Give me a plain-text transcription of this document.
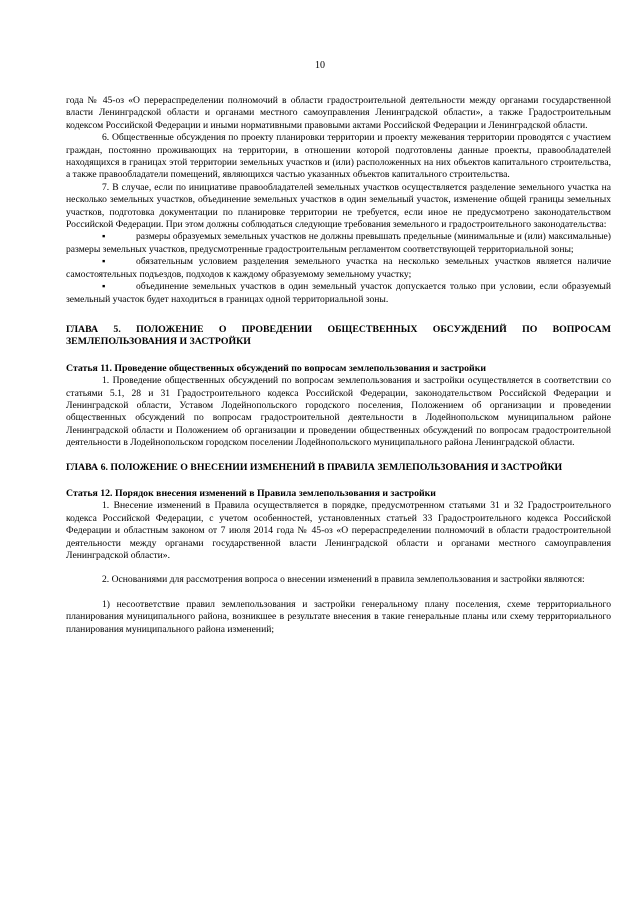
10

года № 45-оз «О перераспределении полномочий в области градостроительной деятельности между органами государственной власти Ленинградской области и органами местного самоуправления Ленинградской области», а также Градостроительным кодексом Российской Федерации и иными нормативными правовыми актами Российской Федерации и Ленинградской области.

6. Общественные обсуждения по проекту планировки территории и проекту межевания территории проводятся с участием граждан, постоянно проживающих на территории, в отношении которой подготовлены данные проекты, правообладателей находящихся в границах этой территории земельных участков и (или) расположенных на них объектов капитального строительства, а также правообладатели помещений, являющихся частью указанных объектов капитального строительства.

7. В случае, если по инициативе правообладателей земельных участков осуществляется разделение земельного участка на несколько земельных участков, объединение земельных участков в один земельный участок, изменение общей границы земельных участков, подготовка документации по планировке территории не требуется, если иное не предусмотрено законодательством Российской Федерации. При этом должны соблюдаться следующие требования земельного и градостроительного законодательства:

▪	размеры образуемых земельных участков не должны превышать предельные (минимальные и (или) максимальные) размеры земельных участков, предусмотренные градостроительным регламентом соответствующей территориальной зоны;

▪	обязательным условием разделения земельного участка на несколько земельных участков является наличие самостоятельных подъездов, подходов к каждому образуемому земельному участку;

▪	объединение земельных участков в один земельный участок допускается только при условии, если образуемый земельный участок будет находиться в границах одной территориальной зоны.

ГЛАВА 5. ПОЛОЖЕНИЕ О ПРОВЕДЕНИИ ОБЩЕСТВЕННЫХ ОБСУЖДЕНИЙ ПО ВОПРОСАМ ЗЕМЛЕПОЛЬЗОВАНИЯ И ЗАСТРОЙКИ

Статья 11. Проведение общественных обсуждений по вопросам землепользования и застройки

1. Проведение общественных обсуждений по вопросам землепользования и застройки осуществляется в соответствии со статьями 5.1, 28 и 31 Градостроительного кодекса Российской Федерации, законодательством Российской Федерации и Ленинградской области, Уставом Лодейнопольского городского поселения, Положением об организации и проведении общественных обсуждений по вопросам градостроительной деятельности в Лодейнопольском муниципальном районе Ленинградской области и Положением об организации и проведении общественных обсуждений по вопросам градостроительной деятельности в Лодейнопольском городском поселении Лодейнопольского муниципального района Ленинградской области.

ГЛАВА 6. ПОЛОЖЕНИЕ О ВНЕСЕНИИ ИЗМЕНЕНИЙ В ПРАВИЛА ЗЕМЛЕПОЛЬЗОВАНИЯ И ЗАСТРОЙКИ

Статья 12. Порядок внесения изменений в Правила землепользования и застройки

1. Внесение изменений в Правила осуществляется в порядке, предусмотренном статьями 31 и 32 Градостроительного кодекса Российской Федерации, с учетом особенностей, установленных статьей 33 Градостроительного кодекса Российской Федерации и областным законом от 7 июля 2014 года № 45-оз «О перераспределении полномочий в области градостроительной деятельности между органами государственной власти Ленинградской области и органами местного самоуправления Ленинградской области».

2. Основаниями для рассмотрения вопроса о внесении изменений в правила землепользования и застройки являются:

1) несоответствие правил землепользования и застройки генеральному плану поселения, схеме территориального планирования муниципального района, возникшее в результате внесения в такие генеральные планы или схему территориального планирования муниципального района изменений;
